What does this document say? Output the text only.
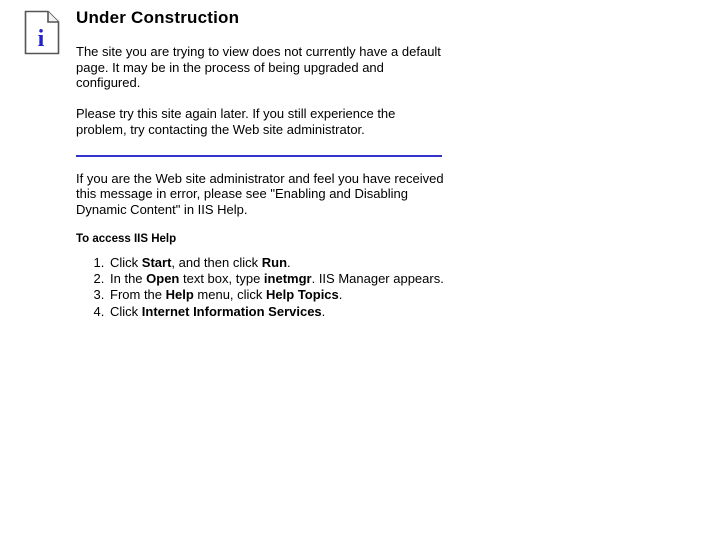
i
Under Construction

The site you are trying to view does not currently have a default page. It may be in the process of being upgraded and configured.

Please try this site again later. If you still experience the problem, try contacting the Web site administrator.

If you are the Web site administrator and feel you have received this message in error, please see "Enabling and Disabling Dynamic Content" in IIS Help.

To access IIS Help
1. Click Start, and then click Run.
2. In the Open text box, type inetmgr. IIS Manager appears.
3. From the Help menu, click Help Topics.
4. Click Internet Information Services.
